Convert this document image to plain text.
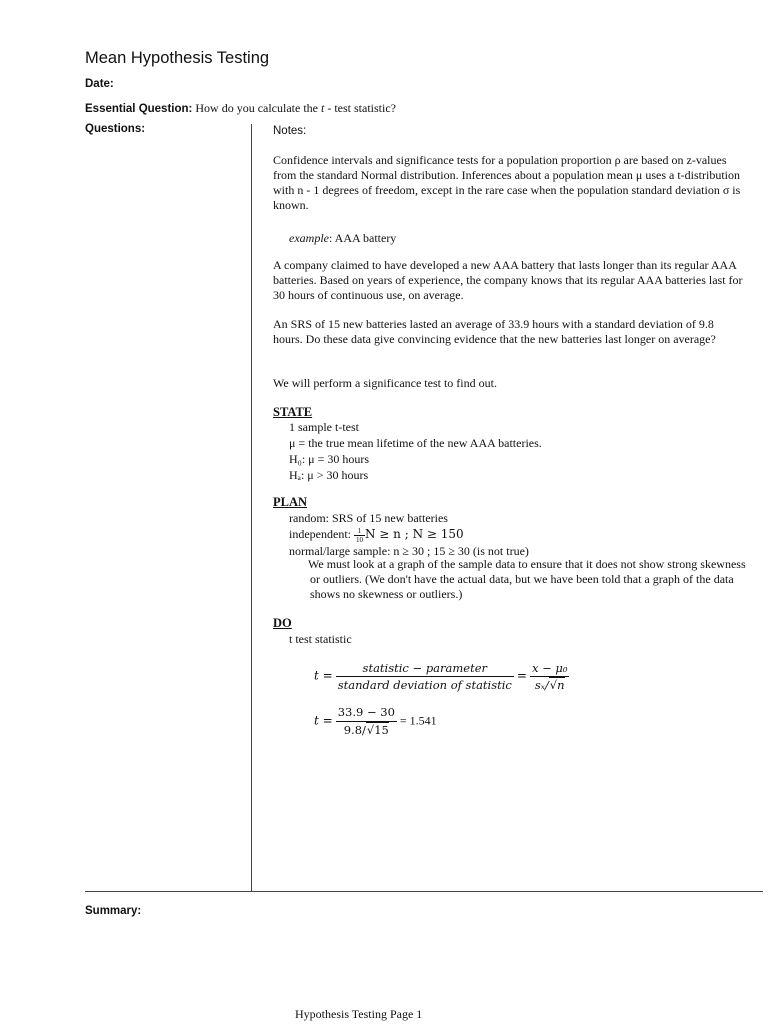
Mean Hypothesis Testing
Date:
Essential Question: How do you calculate the t - test statistic?
Questions:	Notes:
Confidence intervals and significance tests for a population proportion ρ are based on z-values from the standard Normal distribution. Inferences about a population mean μ uses a t-distribution with n - 1 degrees of freedom, except in the rare case when the population standard deviation σ is known.
example: AAA battery
A company claimed to have developed a new AAA battery that lasts longer than its regular AAA batteries. Based on years of experience, the company knows that its regular AAA batteries last for 30 hours of continuous use, on average.
An SRS of 15 new batteries lasted an average of 33.9 hours with a standard deviation of 9.8 hours. Do these data give convincing evidence that the new batteries last longer on average?
We will perform a significance test to find out.
STATE
1 sample t-test
μ = the true mean lifetime of the new AAA batteries.
H₀: μ = 30 hours
Hₐ: μ > 30 hours
PLAN
random: SRS of 15 new batteries
independent: $\frac{1}{10}$ N ≥ n ; N ≥ 150
normal/large sample: n ≥ 30 ; 15 ≥ 30 (is not true)
We must look at a graph of the sample data to ensure that it does not show strong skewness or outliers. (We don't have the actual data, but we have been told that a graph of the data shows no skewness or outliers.)
DO
t test statistic
$t = \frac{\text{statistic − parameter}}{\text{standard deviation of statistic}} = \frac{\text{x − μ₀}}{\text{sₓ/√n}}$
$t = \frac{33.9 - 30}{9.8/√15} = 1.541$
Summary:
Hypothesis Testing Page 1
